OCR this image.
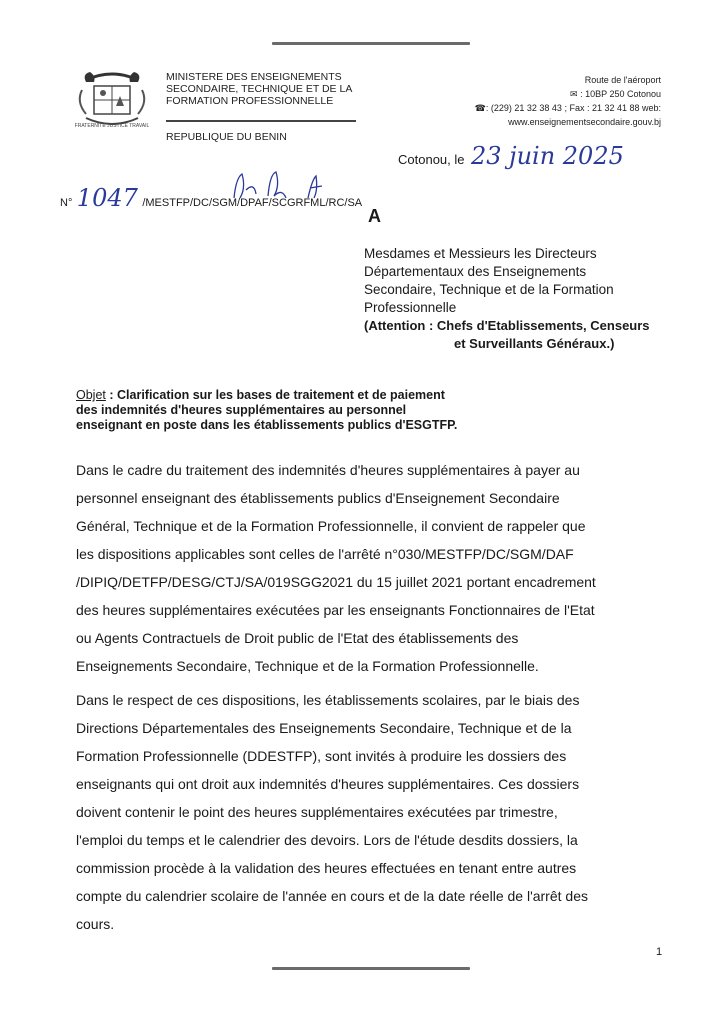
FRATERNITE JUSTICE TRAVAIL
MINISTERE DES ENSEIGNEMENTS
SECONDAIRE, TECHNIQUE ET DE LA
FORMATION PROFESSIONNELLE
REPUBLIQUE DU BENIN
Route de l'aéroport
✉ : 10BP 250 Cotonou
☎: (229) 21 32 38 43 ; Fax : 21 32 41 88 web:
www.enseignementsecondaire.gouv.bj
Cotonou, le 23 juin 2025
N° 1047 /MESTFP/DC/SGM/DPAF/SCGRFML/RC/SA
A
Mesdames et Messieurs les Directeurs
Départementaux des Enseignements
Secondaire, Technique et de la Formation
Professionnelle
(Attention : Chefs d'Etablissements, Censeurs
et Surveillants Généraux.)
Objet : Clarification sur les bases de traitement et de paiement
des indemnités d'heures supplémentaires au personnel
enseignant en poste dans les établissements publics d'ESGTFP.
Dans le cadre du traitement des indemnités d'heures supplémentaires à payer au
personnel enseignant des établissements publics d'Enseignement Secondaire
Général, Technique et de la Formation Professionnelle, il convient de rappeler que
les dispositions applicables sont celles de l'arrêté n°030/MESTFP/DC/SGM/DAF
/DIPIQ/DETFP/DESG/CTJ/SA/019SGG2021 du 15 juillet 2021 portant encadrement
des heures supplémentaires exécutées par les enseignants Fonctionnaires de l'Etat
ou Agents Contractuels de Droit public de l'Etat des établissements des
Enseignements Secondaire, Technique et de la Formation Professionnelle.
Dans le respect de ces dispositions, les établissements scolaires, par le biais des
Directions Départementales des Enseignements Secondaire, Technique et de la
Formation Professionnelle (DDESTFP), sont invités à produire les dossiers des
enseignants qui ont droit aux indemnités d'heures supplémentaires. Ces dossiers
doivent contenir le point des heures supplémentaires exécutées par trimestre,
l'emploi du temps et le calendrier des devoirs. Lors de l'étude desdits dossiers, la
commission procède à la validation des heures effectuées en tenant entre autres
compte du calendrier scolaire de l'année en cours et de la date réelle de l'arrêt des
cours.
1
